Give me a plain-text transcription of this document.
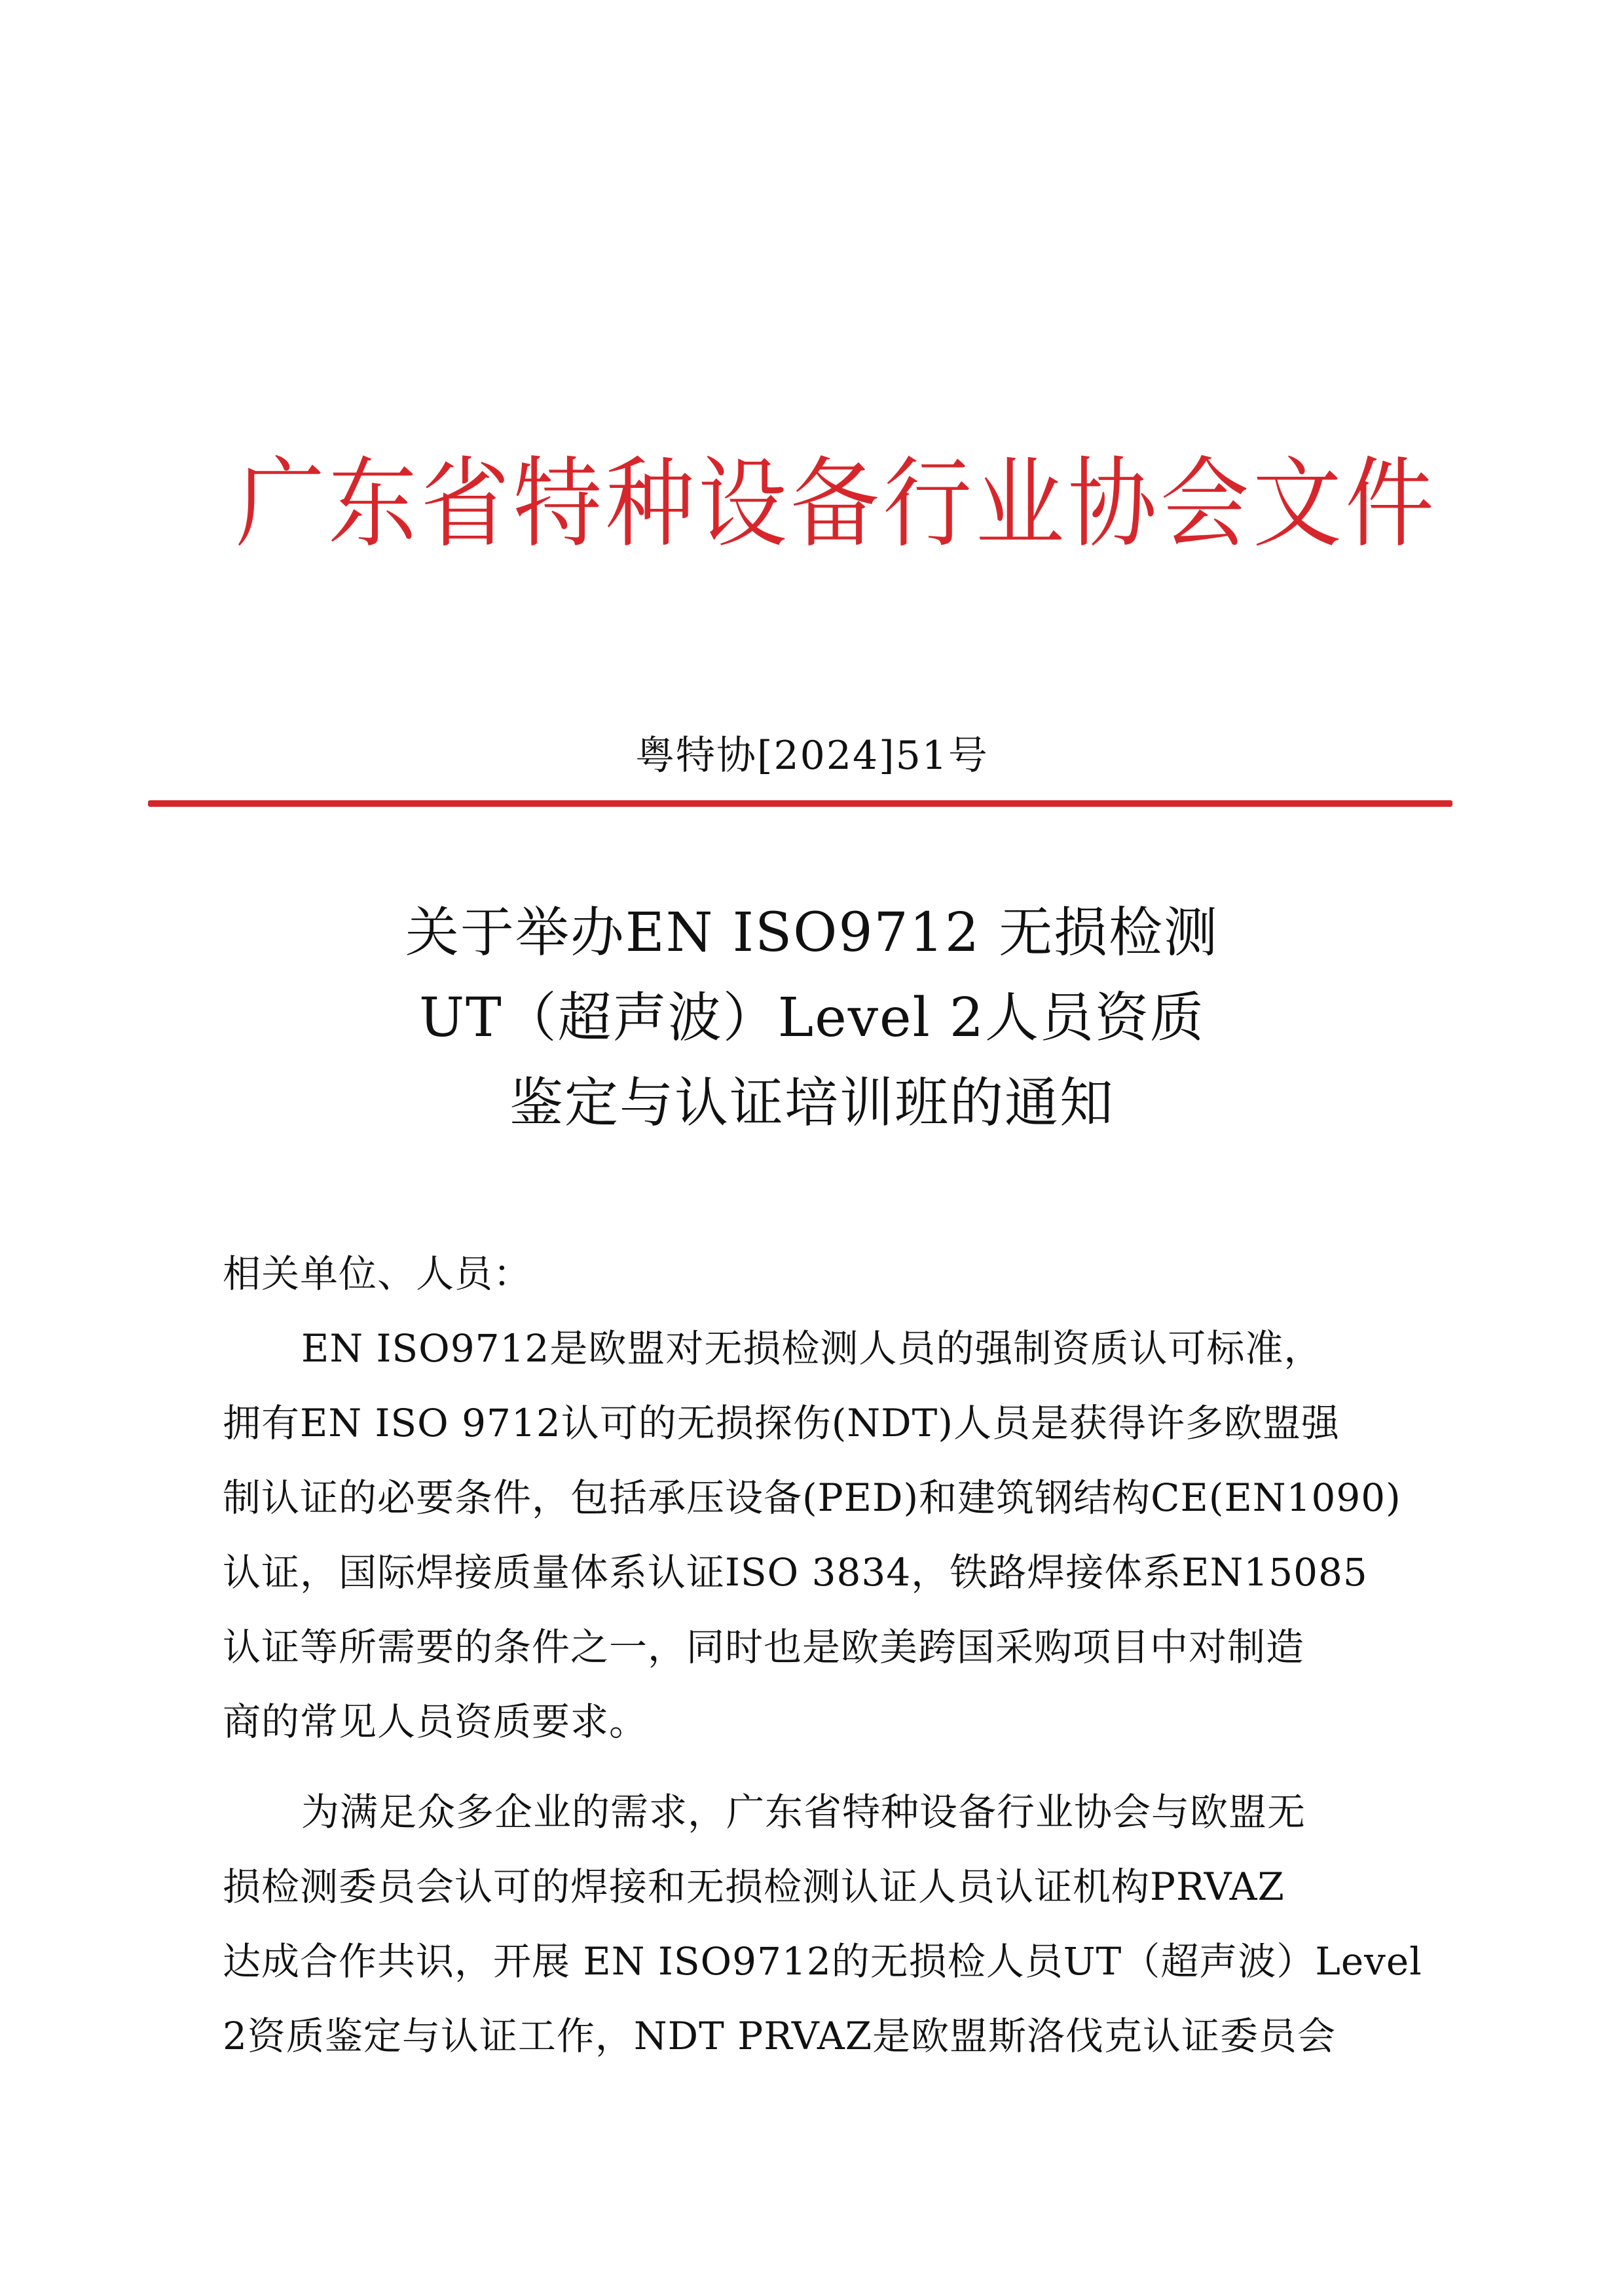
广东省特种设备行业协会文件
粤特协[2024]51号
关于举办EN ISO9712 无损检测
UT（超声波）Level 2人员资质
鉴定与认证培训班的通知
相关单位、人员：
EN ISO9712是欧盟对无损检测人员的强制资质认可标准，
拥有EN ISO 9712认可的无损探伤(NDT)人员是获得许多欧盟强
制认证的必要条件，包括承压设备(PED)和建筑钢结构CE(EN1090)
认证，国际焊接质量体系认证ISO 3834，铁路焊接体系EN15085
认证等所需要的条件之一，同时也是欧美跨国采购项目中对制造
商的常见人员资质要求。
为满足众多企业的需求，广东省特种设备行业协会与欧盟无
损检测委员会认可的焊接和无损检测认证人员认证机构PRVAZ
达成合作共识，开展 EN ISO9712的无损检人员UT（超声波）Level
2资质鉴定与认证工作，NDT PRVAZ是欧盟斯洛伐克认证委员会
